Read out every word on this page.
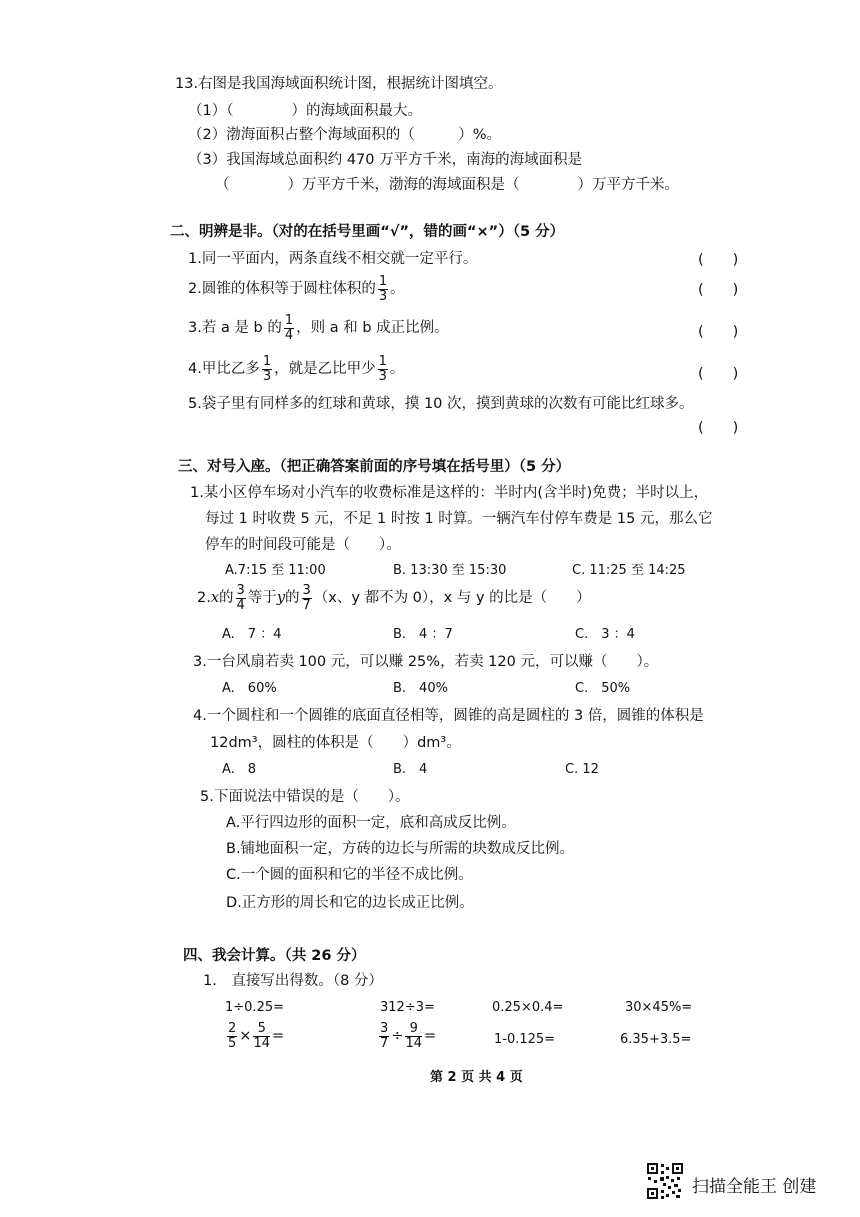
13.右图是我国海域面积统计图，根据统计图填空。
（1）（　　　　）的海域面积最大。
（2）渤海面积占整个海域面积的（　　　）%。
（3）我国海域总面积约 470 万平方千米，南海的海域面积是
（　　　　）万平方千米，渤海的海域面积是（　　　　）万平方千米。
二、明辨是非。（对的在括号里画“√”，错的画“×”）（5 分）
1.同一平面内，两条直线不相交就一定平行。	(　　)
2.圆锥的体积等于圆柱体积的 $\frac{1}{3}$ 。	(　　)
3.若 a 是 b 的 $\frac{1}{4}$ ，则 a 和 b 成正比例。	(　　)
4.甲比乙多 $\frac{1}{3}$ ，就是乙比甲少 $\frac{1}{3}$ 。	(　　)
5.袋子里有同样多的红球和黄球，摸 10 次，摸到黄球的次数有可能比红球多。
(　　)
三、对号入座。（把正确答案前面的序号填在括号里）（5 分）
1.某小区停车场对小汽车的收费标准是这样的：半时内(含半时)免费；半时以上，
每过 1 时收费 5 元，不足 1 时按 1 时算。一辆汽车付停车费是 15 元，那么它
停车的时间段可能是（　　）。
A.7:15 至 11:00	B. 13:30 至 15:30	C. 11:25 至 14:25
2.x的 $\frac{3}{4}$ 等于y的 $\frac{3}{7} (x$、y 都不为 0），x 与 y 的比是（　　）
A.　7 ：4	B.　4 ：7	C.　3 ：4
3.一台风扇若卖 100 元，可以赚 25%，若卖 120 元，可以赚（　　）。
A.　60%	B.　40%	C.　50%
4.一个圆柱和一个圆锥的底面直径相等，圆锥的高是圆柱的 3 倍，圆锥的体积是
12dm³，圆柱的体积是（　　）dm³。
A.　8	B.　4	C. 12
5.下面说法中错误的是（　　）。
A.平行四边形的面积一定，底和高成反比例。
B.铺地面积一定，方砖的边长与所需的块数成反比例。
C.一个圆的面积和它的半径不成比例。
D.正方形的周长和它的边长成正比例。
四、我会计算。（共 26 分）
1.　直接写出得数。（8 分）
1÷0.25=	312÷3=	0.25×0.4=	30×45%=
$\frac{2}{5} \times \frac{5}{14}$ =	$\frac{3}{7} \div \frac{9}{14}$ =	1-0.125=	6.35+3.5=
第 2 页 共 4 页
扫描全能王 创建
